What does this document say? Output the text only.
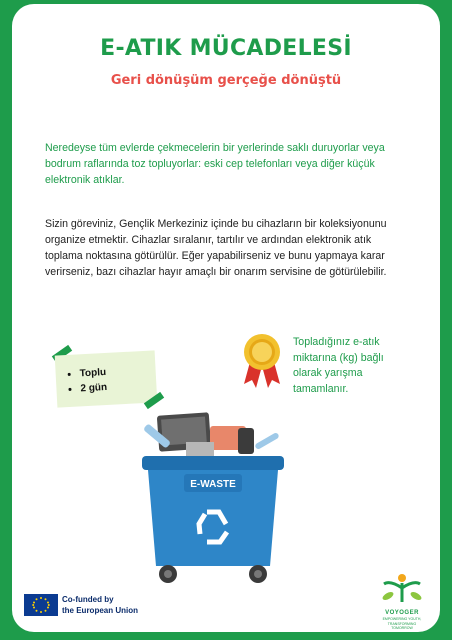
E-ATIK MÜCADELESİ
Geri dönüşüm gerçeğe dönüştü
Neredeyse tüm evlerde çekmecelerin bir yerlerinde saklı duruyorlar veya bodrum raflarında toz topluyorlar: eski cep telefonları veya diğer küçük elektronik atıklar.
Sizin göreviniz, Gençlik Merkeziniz içinde bu cihazların bir koleksiyonunu organize etmektir. Cihazlar sıralanır, tartılır ve ardından elektronik atık toplama noktasına götürülür. Eğer yapabilirseniz ve bunu yapmaya karar verirseniz, bazı cihazlar hayır amaçlı bir onarım servisine de götürülebilir.
• Toplu
• 2 gün
Topladığınız e-atık miktarına (kg) bağlı olarak yarışma tamamlanır.
E-WASTE
Co-funded by
the European Union	VOYOGER
EMPOWERING YOUTH,
TRANSFORMING
TOMORROW
